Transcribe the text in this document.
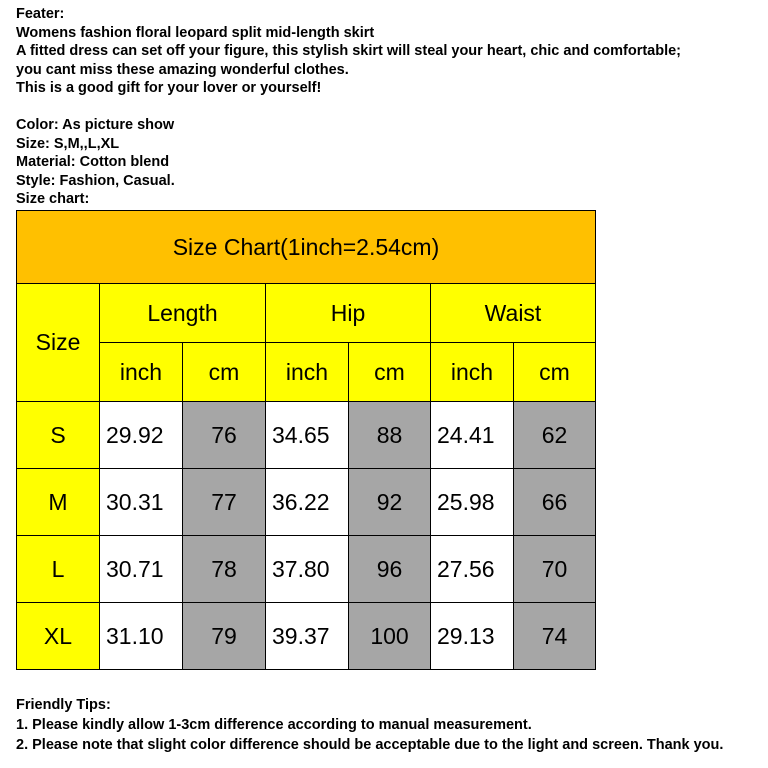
Feater:
Womens fashion floral leopard split mid-length skirt
A fitted dress can set off your figure, this stylish skirt will steal your heart, chic and comfortable;
you cant miss these amazing wonderful clothes.
This is a good gift for your lover or yourself!
Color: As picture show
Size: S,M,,L,XL
Material: Cotton blend
Style: Fashion, Casual.
Size chart:
Size Chart(1inch=2.54cm)						
Size	Length		Hip		Waist	
	inch	cm	inch	cm	inch	cm
S	29.92	76	34.65	88	24.41	62
M	30.31	77	36.22	92	25.98	66
L	30.71	78	37.80	96	27.56	70
XL	31.10	79	39.37	100	29.13	74
Friendly Tips:
1. Please kindly allow 1-3cm difference according to manual measurement.
2. Please note that slight color difference should be acceptable due to the light and screen. Thank you.
